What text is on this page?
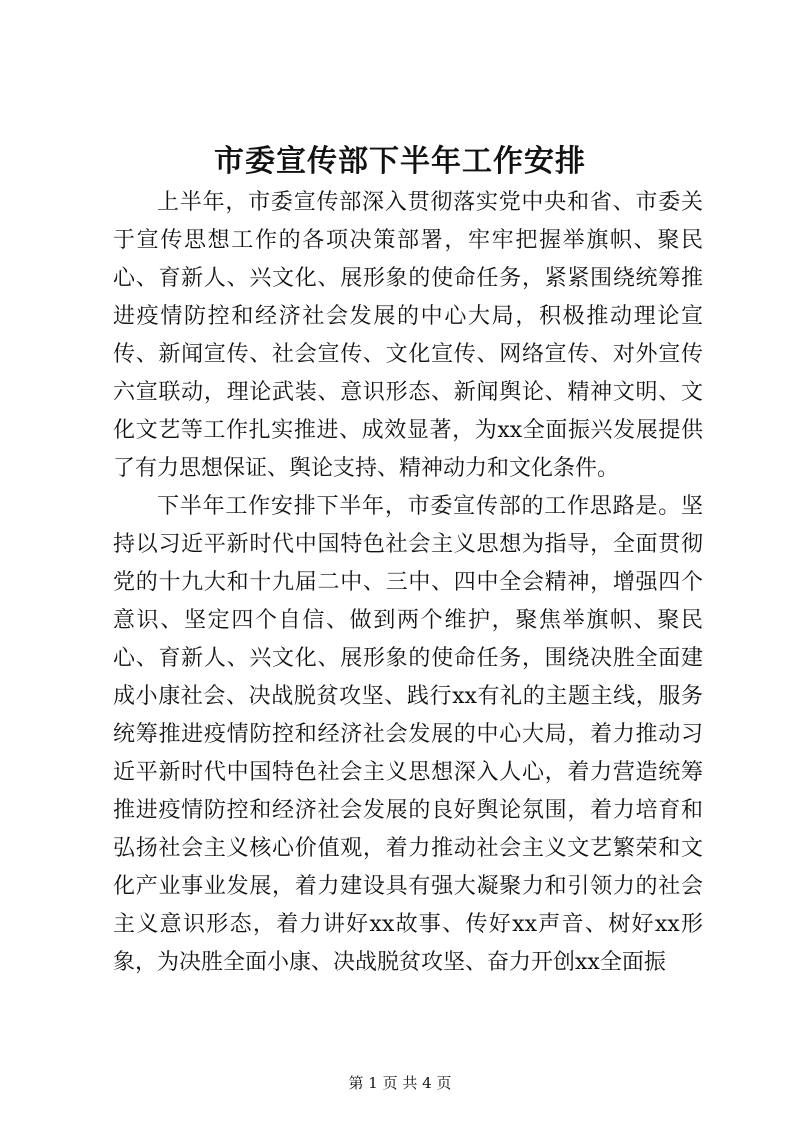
市委宣传部下半年工作安排

上半年，市委宣传部深入贯彻落实党中央和省、市委关于宣传思想工作的各项决策部署，牢牢把握举旗帜、聚民心、育新人、兴文化、展形象的使命任务，紧紧围绕统筹推进疫情防控和经济社会发展的中心大局，积极推动理论宣传、新闻宣传、社会宣传、文化宣传、网络宣传、对外宣传六宣联动，理论武装、意识形态、新闻舆论、精神文明、文化文艺等工作扎实推进、成效显著，为xx全面振兴发展提供了有力思想保证、舆论支持、精神动力和文化条件。

下半年工作安排下半年，市委宣传部的工作思路是。坚持以习近平新时代中国特色社会主义思想为指导，全面贯彻党的十九大和十九届二中、三中、四中全会精神，增强四个意识、坚定四个自信、做到两个维护，聚焦举旗帜、聚民心、育新人、兴文化、展形象的使命任务，围绕决胜全面建成小康社会、决战脱贫攻坚、践行xx有礼的主题主线，服务统筹推进疫情防控和经济社会发展的中心大局，着力推动习近平新时代中国特色社会主义思想深入人心，着力营造统筹推进疫情防控和经济社会发展的良好舆论氛围，着力培育和弘扬社会主义核心价值观，着力推动社会主义文艺繁荣和文化产业事业发展，着力建设具有强大凝聚力和引领力的社会主义意识形态，着力讲好xx故事、传好xx声音、树好xx形象，为决胜全面小康、决战脱贫攻坚、奋力开创xx全面振

第 1 页 共 4 页
